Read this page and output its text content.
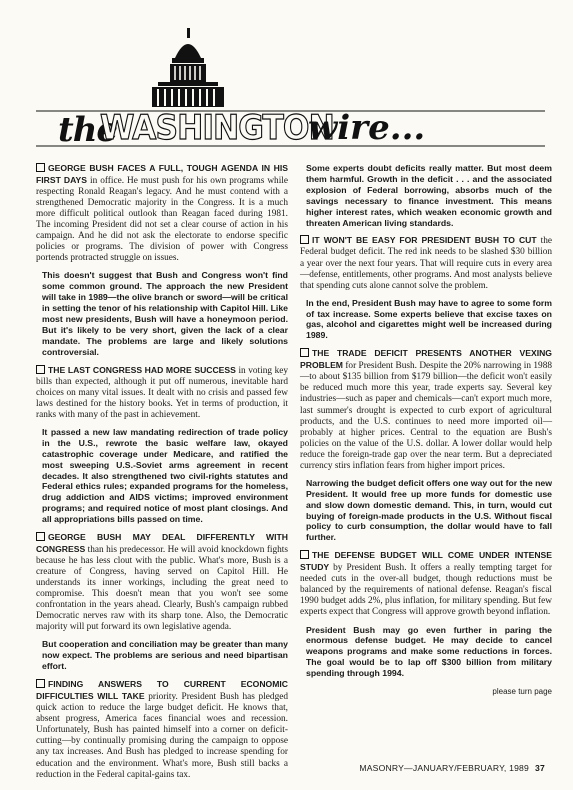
the
WASHINGTON
wire...

GEORGE BUSH FACES A FULL, TOUGH AGENDA IN HIS FIRST DAYS in office. He must push for his own programs while respecting Ronald Reagan's legacy. And he must contend with a strengthened Democratic majority in the Congress. It is a much more difficult political outlook than Reagan faced during 1981. The incoming President did not set a clear course of action in his campaign. And he did not ask the electorate to endorse specific policies or programs. The division of power with Congress portends protracted struggle on issues.

This doesn't suggest that Bush and Congress won't find some common ground. The approach the new President will take in 1989—the olive branch or sword—will be critical in setting the tenor of his relationship with Capitol Hill. Like most new presidents, Bush will have a honeymoon period. But it's likely to be very short, given the lack of a clear mandate. The problems are large and likely solutions controversial.

THE LAST CONGRESS HAD MORE SUCCESS in voting key bills than expected, although it put off numerous, inevitable hard choices on many vital issues. It dealt with no crisis and passed few laws destined for the history books. Yet in terms of production, it ranks with many of the past in achievement.

It passed a new law mandating redirection of trade policy in the U.S., rewrote the basic welfare law, okayed catastrophic coverage under Medicare, and ratified the most sweeping U.S.-Soviet arms agreement in recent decades. It also strengthened two civil-rights statutes and Federal ethics rules; expanded programs for the homeless, drug addiction and AIDS victims; improved environment programs; and required notice of most plant closings. And all appropriations bills passed on time.

GEORGE BUSH MAY DEAL DIFFERENTLY WITH CONGRESS than his predecessor. He will avoid knockdown fights because he has less clout with the public. What's more, Bush is a creature of Congress, having served on Capitol Hill. He understands its inner workings, including the great need to compromise. This doesn't mean that you won't see some confrontation in the years ahead. Clearly, Bush's campaign rubbed Democratic nerves raw with its sharp tone. Also, the Democratic majority will put forward its own legislative agenda.

But cooperation and conciliation may be greater than many now expect. The problems are serious and need bipartisan effort.

FINDING ANSWERS TO CURRENT ECONOMIC DIFFICULTIES WILL TAKE priority. President Bush has pledged quick action to reduce the large budget deficit. He knows that, absent progress, America faces financial woes and recession. Unfortunately, Bush has painted himself into a corner on deficit-cutting—by continually promising during the campaign to oppose any tax increases. And Bush has pledged to increase spending for education and the environment. What's more, Bush still backs a reduction in the Federal capital-gains tax.

Some experts doubt deficits really matter. But most deem them harmful. Growth in the deficit . . . and the associated explosion of Federal borrowing, absorbs much of the savings necessary to finance investment. This means higher interest rates, which weaken economic growth and threaten American living standards.

IT WON'T BE EASY FOR PRESIDENT BUSH TO CUT the Federal budget deficit. The red ink needs to be slashed $30 billion a year over the next four years. That will require cuts in every area—defense, entitlements, other programs. And most analysts believe that spending cuts alone cannot solve the problem.

In the end, President Bush may have to agree to some form of tax increase. Some experts believe that excise taxes on gas, alcohol and cigarettes might well be increased during 1989.

THE TRADE DEFICIT PRESENTS ANOTHER VEXING PROBLEM for President Bush. Despite the 20% narrowing in 1988—to about $135 billion from $179 billion—the deficit won't easily be reduced much more this year, trade experts say. Several key industries—such as paper and chemicals—can't export much more, last summer's drought is expected to curb export of agricultural products, and the U.S. continues to need more imported oil—probably at higher prices. Central to the equation are Bush's policies on the value of the U.S. dollar. A lower dollar would help reduce the foreign-trade gap over the near term. But a depreciated currency stirs inflation fears from higher import prices.

Narrowing the budget deficit offers one way out for the new President. It would free up more funds for domestic use and slow down domestic demand. This, in turn, would cut buying of foreign-made products in the U.S. Without fiscal policy to curb consumption, the dollar would have to fall further.

THE DEFENSE BUDGET WILL COME UNDER INTENSE STUDY by President Bush. It offers a really tempting target for needed cuts in the over-all budget, though reductions must be balanced by the requirements of national defense. Reagan's fiscal 1990 budget adds 2%, plus inflation, for military spending. But few experts expect that Congress will approve growth beyond inflation.

President Bush may go even further in paring the enormous defense budget. He may decide to cancel weapons programs and make some reductions in forces. The goal would be to lap off $300 billion from military spending through 1994.

please turn page
MASONRY—JANUARY/FEBRUARY, 1989 37
